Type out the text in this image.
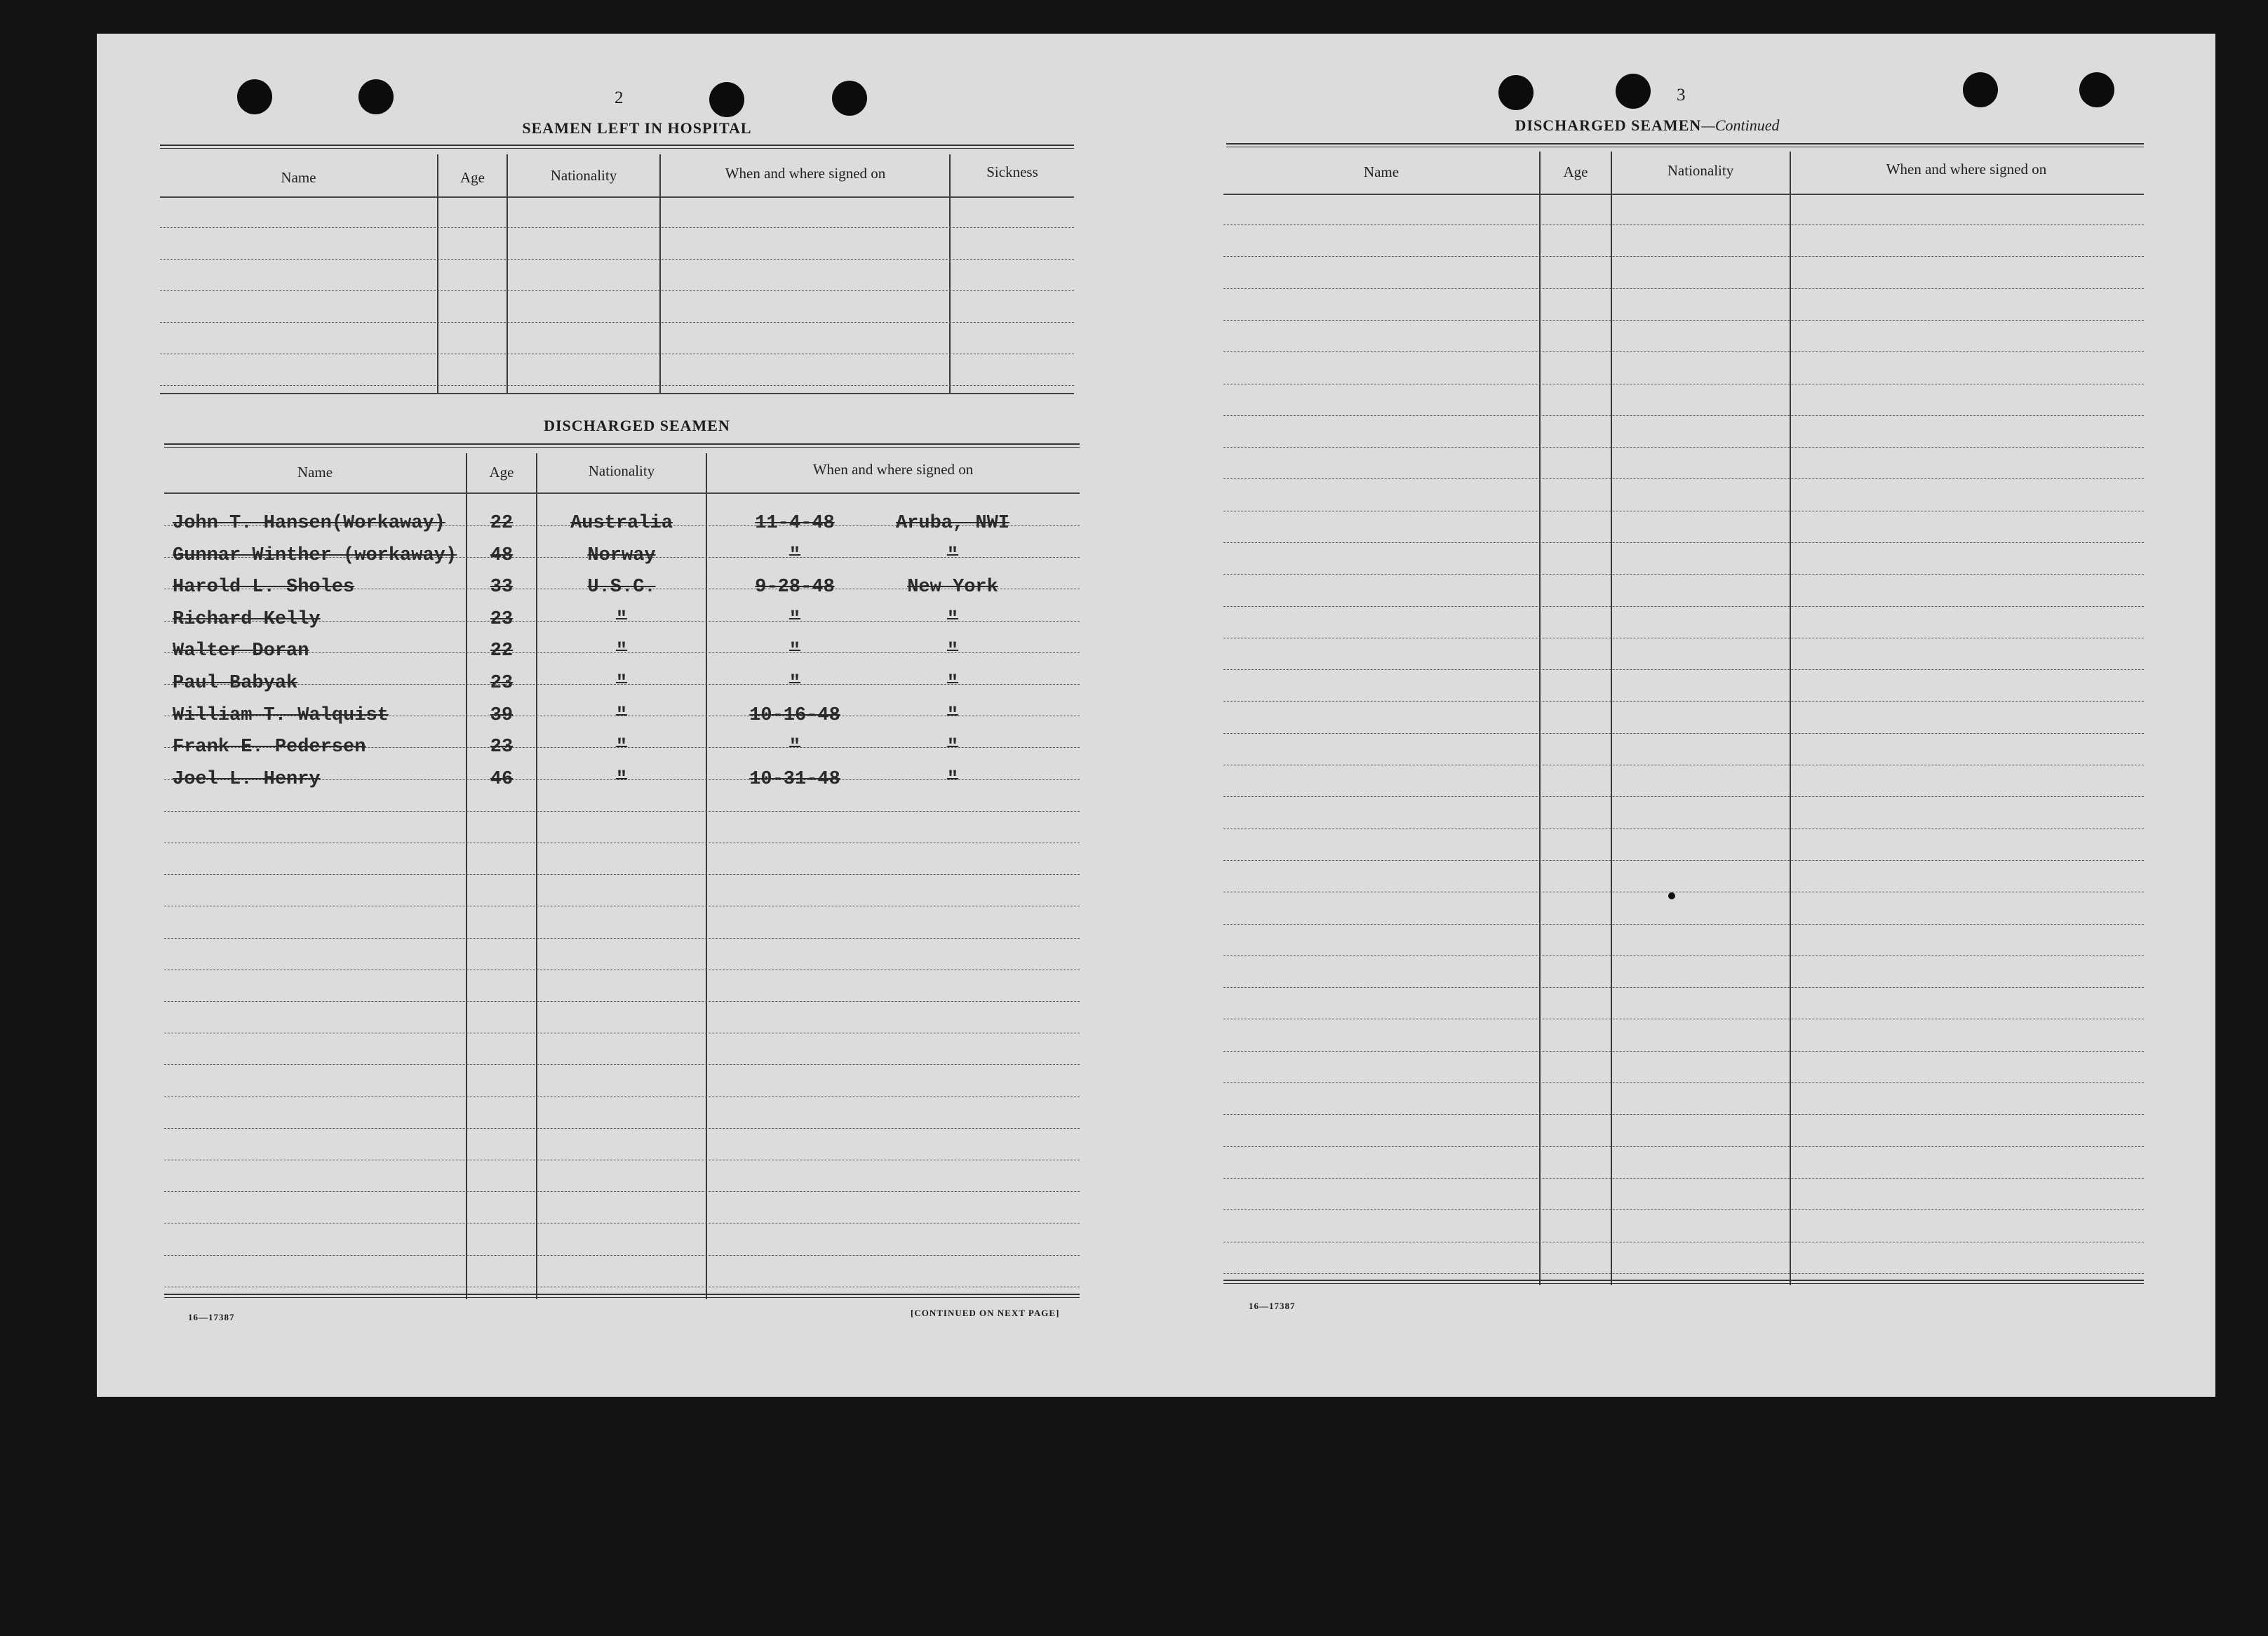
2
SEAMEN LEFT IN HOSPITAL
Name	Age	Nationality	When and where signed on	Sickness
DISCHARGED SEAMEN
Name	Age	Nationality	When and where signed on
John T. Hansen(Workaway)	22	Australia	11-4-48	Aruba, NWI
Gunnar Winther (workaway)	48	Norway	"	"
Harold L. Sholes	33	U.S.C.	9-28-48	New York
Richard Kelly	23	"	"	"
Walter Doran	22	"	"	"
Paul Babyak	23	"	"	"
William T. Walquist	39	"	10-16-48	"
Frank E. Pedersen	23	"	"	"
Joel L. Henry	46	"	10-31-48	"
16—17387	[CONTINUED ON NEXT PAGE]
3
DISCHARGED SEAMEN—Continued
Name	Age	Nationality	When and where signed on
16—17387
